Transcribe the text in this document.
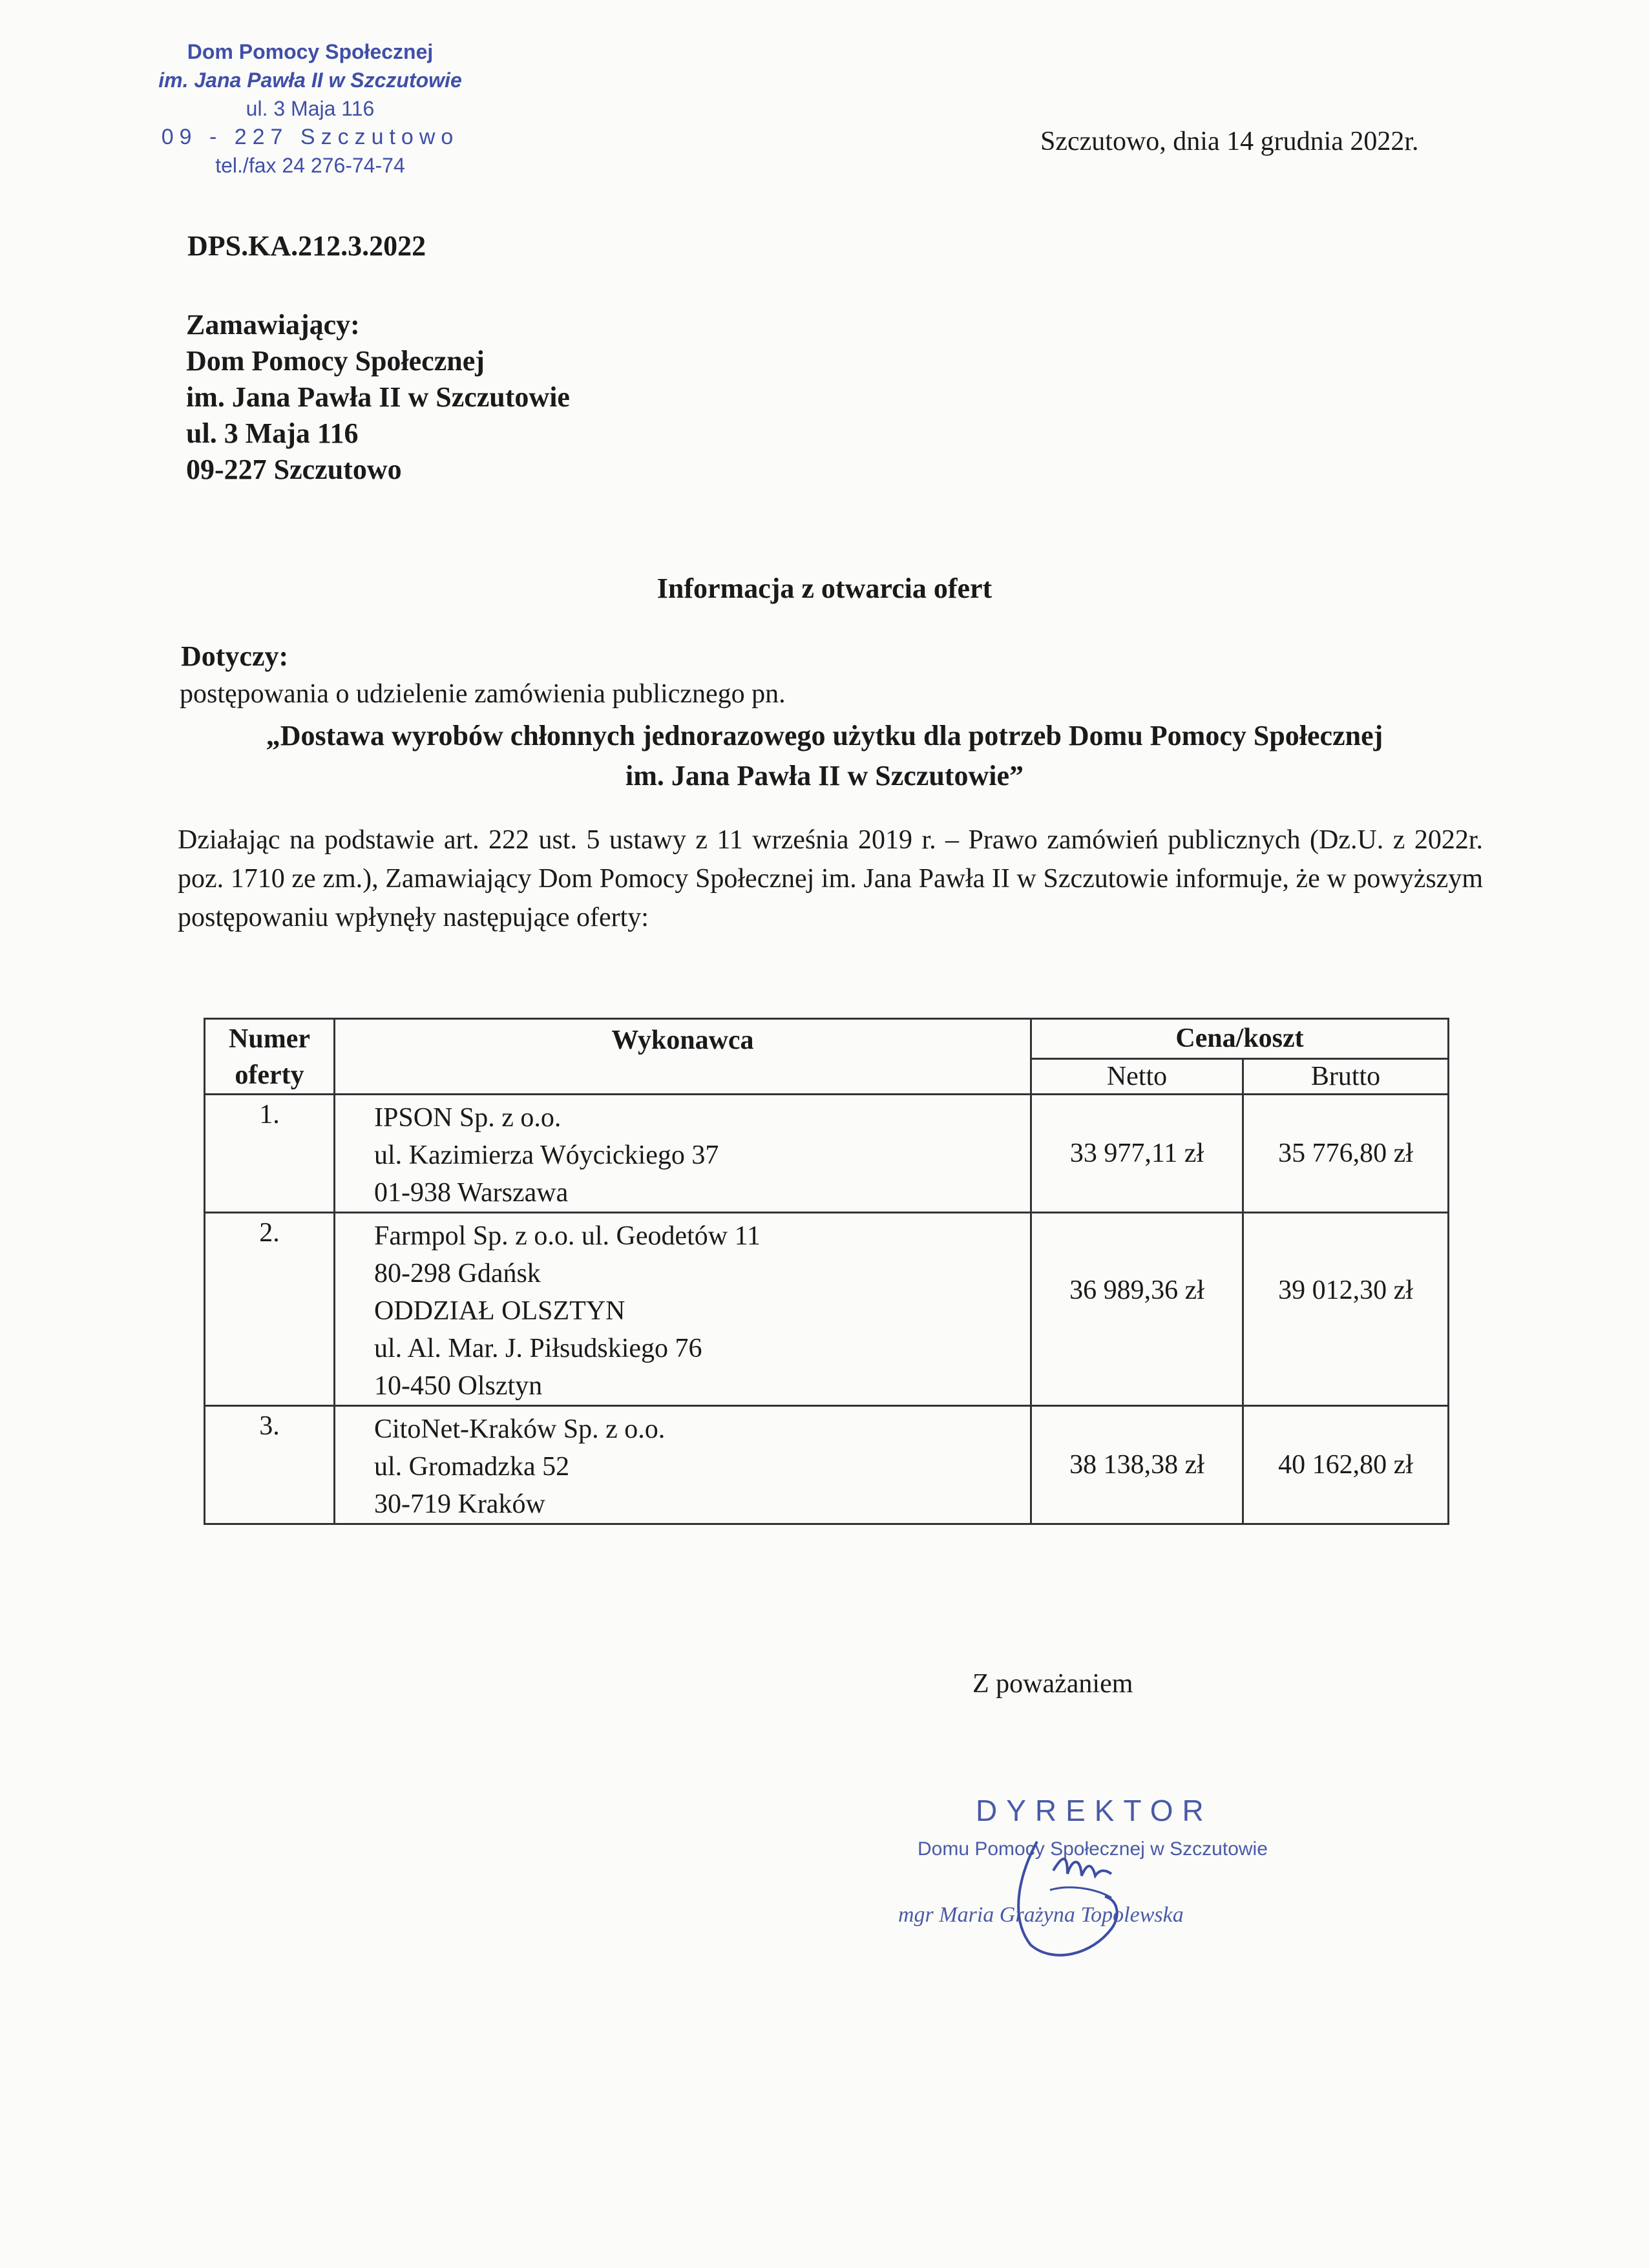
Dom Pomocy Społecznej
im. Jana Pawła II w Szczutowie
ul. 3 Maja 116
09 - 227 Szczutowo
tel./fax 24 276-74-74
Szczutowo, dnia 14 grudnia 2022r.
DPS.KA.212.3.2022
Zamawiający:
Dom Pomocy Społecznej
im. Jana Pawła II w Szczutowie
ul. 3 Maja 116
09-227 Szczutowo
Informacja z otwarcia ofert
Dotyczy:
postępowania o udzielenie zamówienia publicznego pn.
„Dostawa wyrobów chłonnych jednorazowego użytku dla potrzeb Domu Pomocy Społecznej
im. Jana Pawła II w Szczutowie”
Działając na podstawie art. 222 ust. 5 ustawy z 11 września 2019 r. – Prawo zamówień publicznych (Dz.U. z 2022r. poz. 1710 ze zm.), Zamawiający Dom Pomocy Społecznej im. Jana Pawła II w Szczutowie informuje, że w powyższym postępowaniu wpłynęły następujące oferty:
Numer
oferty	Wykonawca	Cena/koszt	
		Netto	Brutto
1.	IPSON Sp. z o.o.
ul. Kazimierza Wóycickiego 37
01-938 Warszawa	33 977,11 zł	35 776,80 zł
2.	Farmpol Sp. z o.o. ul. Geodetów 11
80-298 Gdańsk
ODDZIAŁ OLSZTYN
ul. Al. Mar. J. Piłsudskiego 76
10-450 Olsztyn	36 989,36 zł	39 012,30 zł
3.	CitoNet-Kraków Sp. z o.o.
ul. Gromadzka 52
30-719 Kraków	38 138,38 zł	40 162,80 zł
Z poważaniem
DYREKTOR
Domu Pomocy Społecznej w Szczutowie
mgr Maria Grażyna Topolewska
